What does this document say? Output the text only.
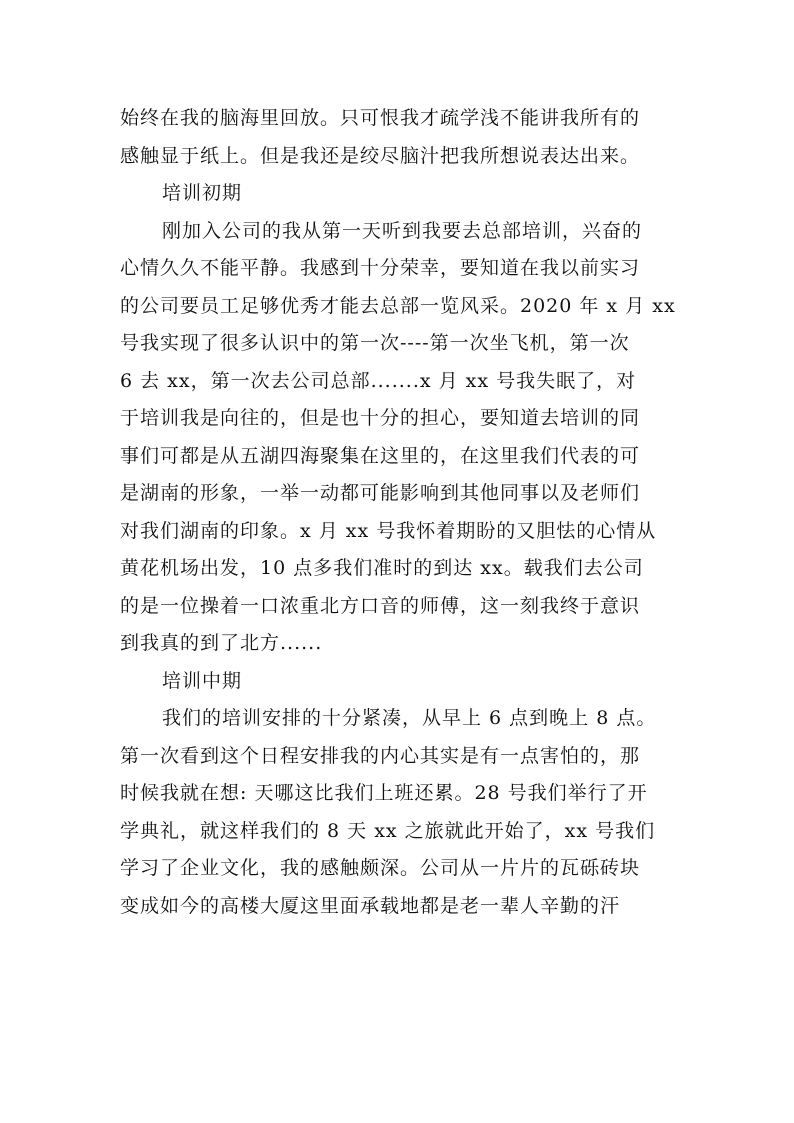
始终在我的脑海里回放。只可恨我才疏学浅不能讲我所有的
感触显于纸上。但是我还是绞尽脑汁把我所想说表达出来。
培训初期
刚加入公司的我从第一天听到我要去总部培训，兴奋的
心情久久不能平静。我感到十分荣幸，要知道在我以前实习
的公司要员工足够优秀才能去总部一览风采。2020 年 x 月 xx
号我实现了很多认识中的第一次----第一次坐飞机，第一次
6 去 xx，第一次去公司总部.......x 月 xx 号我失眠了，对
于培训我是向往的，但是也十分的担心，要知道去培训的同
事们可都是从五湖四海聚集在这里的，在这里我们代表的可
是湖南的形象，一举一动都可能影响到其他同事以及老师们
对我们湖南的印象。x 月 xx 号我怀着期盼的又胆怯的心情从
黄花机场出发，10 点多我们准时的到达 xx。载我们去公司
的是一位操着一口浓重北方口音的师傅，这一刻我终于意识
到我真的到了北方......
培训中期
我们的培训安排的十分紧凑，从早上 6 点到晚上 8 点。
第一次看到这个日程安排我的内心其实是有一点害怕的，那
时候我就在想: 天哪这比我们上班还累。28 号我们举行了开
学典礼，就这样我们的 8 天 xx 之旅就此开始了，xx 号我们
学习了企业文化，我的感触颇深。公司从一片片的瓦砾砖块
变成如今的高楼大厦这里面承载地都是老一辈人辛勤的汗
